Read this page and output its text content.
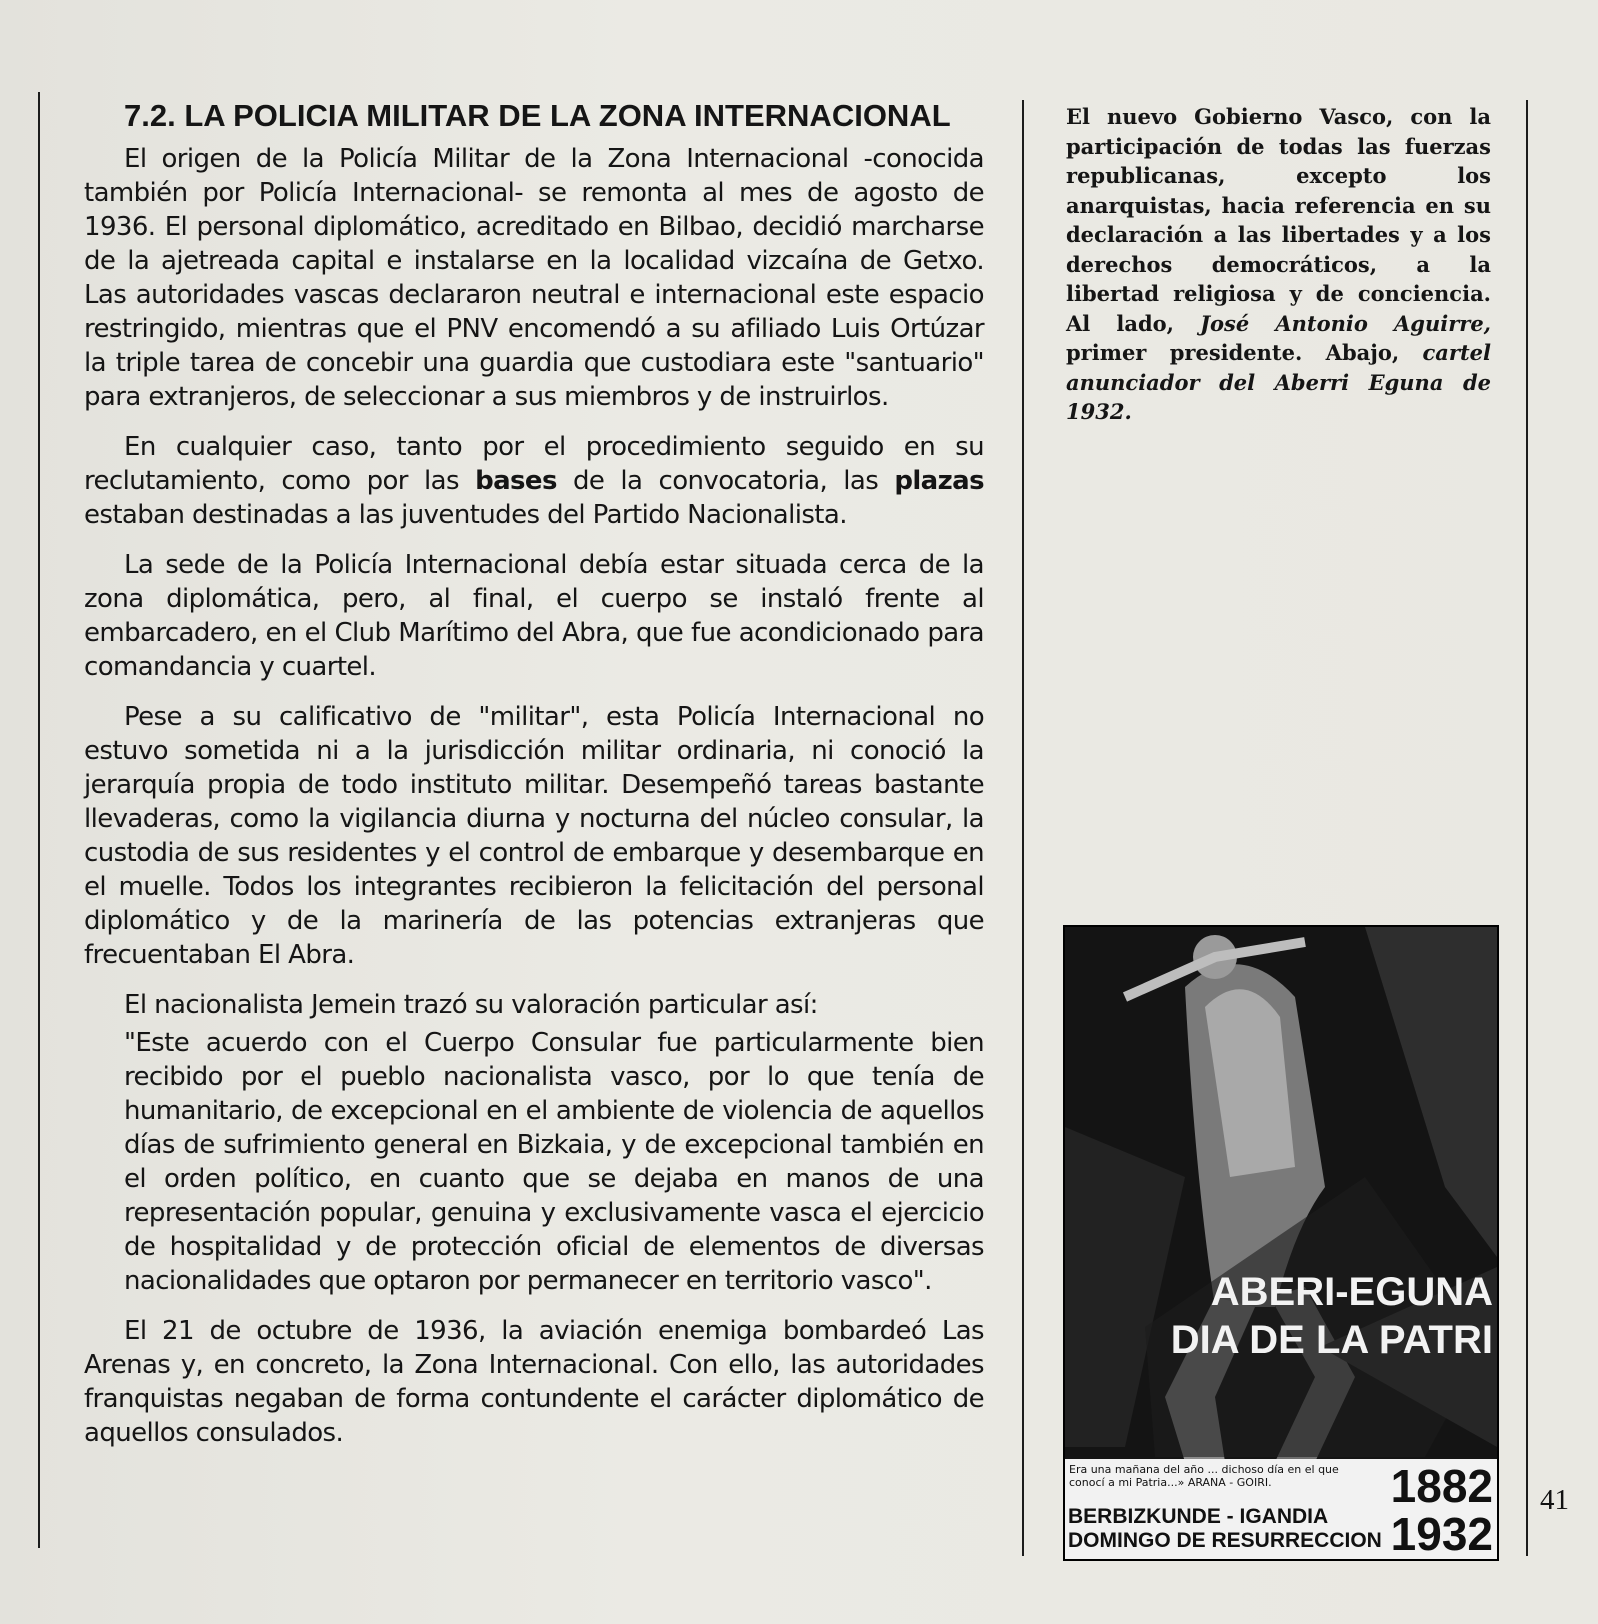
7.2. LA POLICIA MILITAR DE LA ZONA INTERNACIONAL

El origen de la Policía Militar de la Zona Internacional -conocida también por Policía Internacional- se remonta al mes de agosto de 1936. El personal diplomático, acreditado en Bilbao, decidió marcharse de la ajetreada capital e instalarse en la localidad vizcaína de Getxo. Las autoridades vascas declararon neutral e internacional este espacio restringido, mientras que el PNV encomendó a su afiliado Luis Ortúzar la triple tarea de concebir una guardia que custodiara este "santuario" para extranjeros, de seleccionar a sus miembros y de instruirlos.

En cualquier caso, tanto por el procedimiento seguido en su reclutamiento, como por las bases de la convocatoria, las plazas estaban destinadas a las juventudes del Partido Nacionalista.

La sede de la Policía Internacional debía estar situada cerca de la zona diplomática, pero, al final, el cuerpo se instaló frente al embarcadero, en el Club Marítimo del Abra, que fue acondicionado para comandancia y cuartel.

Pese a su calificativo de "militar", esta Policía Internacional no estuvo sometida ni a la jurisdicción militar ordinaria, ni conoció la jerarquía propia de todo instituto militar. Desempeñó tareas bastante llevaderas, como la vigilancia diurna y nocturna del núcleo consular, la custodia de sus residentes y el control de embarque y desembarque en el muelle. Todos los integrantes recibieron la felicitación del personal diplomático y de la marinería de las potencias extranjeras que frecuentaban El Abra.

El nacionalista Jemein trazó su valoración particular así:

"Este acuerdo con el Cuerpo Consular fue particularmente bien recibido por el pueblo nacionalista vasco, por lo que tenía de humanitario, de excepcional en el ambiente de violencia de aquellos días de sufrimiento general en Bizkaia, y de excepcional también en el orden político, en cuanto que se dejaba en manos de una representación popular, genuina y exclusivamente vasca el ejercicio de hospitalidad y de protección oficial de elementos de diversas nacionalidades que optaron por permanecer en territorio vasco".

El 21 de octubre de 1936, la aviación enemiga bombardeó Las Arenas y, en concreto, la Zona Internacional. Con ello, las autoridades franquistas negaban de forma contundente el carácter diplomático de aquellos consulados.

El nuevo Gobierno Vasco, con la participación de todas las fuerzas republicanas, excepto los anarquistas, hacia referencia en su declaración a las libertades y a los derechos democráticos, a la libertad religiosa y de conciencia. Al lado, José Antonio Aguirre, primer presidente. Abajo, cartel anunciador del Aberri Eguna de 1932.
ABERI-EGUNA
DIA DE LA PATRI
Era una mañana del año ... dichoso día en el que conocí a mi Patria...» ARANA - GOIRI.
BERBIZKUNDE - IGANDIA
DOMINGO DE RESURRECCION
1882
1932
41
